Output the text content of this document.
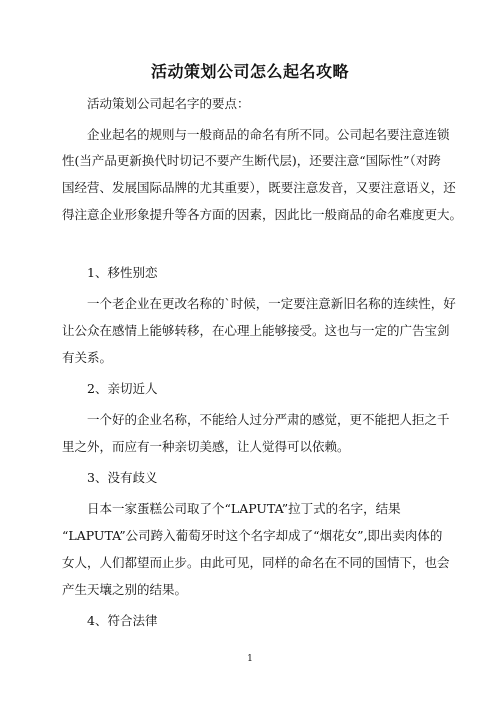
活动策划公司怎么起名攻略
活动策划公司起名字的要点：
企业起名的规则与一般商品的命名有所不同。公司起名要注意连锁
性(当产品更新换代时切记不要产生断代层)，还要注意“国际性”（对跨
国经营、发展国际品牌的尤其重要），既要注意发音，又要注意语义，还
得注意企业形象提升等各方面的因素，因此比一般商品的命名难度更大。
1、移性别恋
一个老企业在更改名称的`时候，一定要注意新旧名称的连续性，好
让公众在感情上能够转移，在心理上能够接受。这也与一定的广告宝剑
有关系。
2、亲切近人
一个好的企业名称，不能给人过分严肃的感觉，更不能把人拒之千
里之外，而应有一种亲切美感，让人觉得可以依赖。
3、没有歧义
日本一家蛋糕公司取了个“LAPUTA”拉丁式的名字，结果
“LAPUTA”公司跨入葡萄牙时这个名字却成了“烟花女”,即出卖肉体的
女人，人们都望而止步。由此可见，同样的命名在不同的国情下，也会
产生天壤之别的结果。
4、符合法律
1
